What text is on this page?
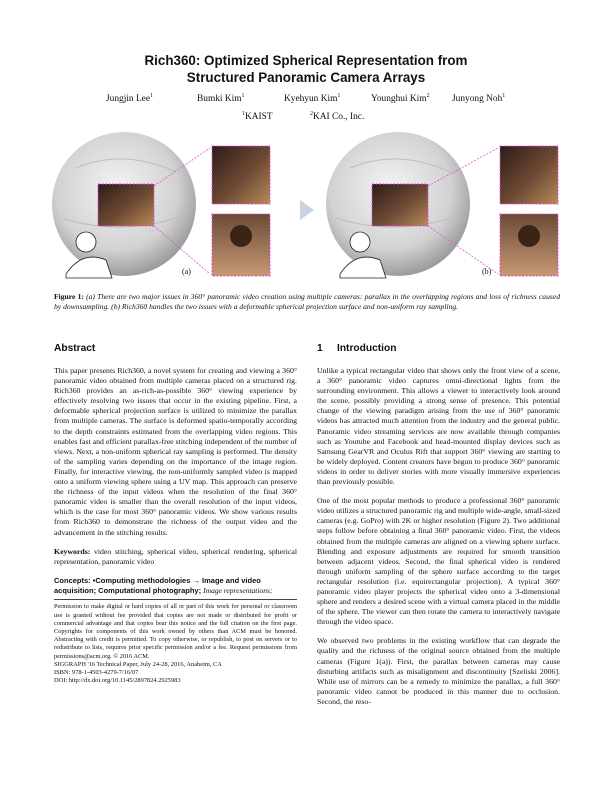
Rich360: Optimized Spherical Representation from
Structured Panoramic Camera Arrays
Jungjin Lee$^1$	Bumki Kim$^1$	Kyehyun Kim$^1$	Younghui Kim$^2$ Junyong Noh$^1$
$^1$KAIST	$^2$KAI Co., Inc.
(a)	(b)
Figure 1: (a) There are two major issues in 360° panoramic video creation using multiple cameras: parallax in the overlapping regions and loss of richness caused by downsampling. (b) Rich360 handles the two issues with a deformable spherical projection surface and non-uniform ray sampling.
Abstract

This paper presents Rich360, a novel system for creating and viewing a 360° panoramic video obtained from multiple cameras placed on a structured rig. Rich360 provides an as-rich-as-possible 360° viewing experience by effectively resolving two issues that occur in the existing pipeline. First, a deformable spherical projection surface is utilized to minimize the parallax from multiple cameras. The surface is deformed spatio-temporally according to the depth constraints estimated from the overlapping video regions. This enables fast and efficient parallax-free stitching independent of the number of views. Next, a non-uniform spherical ray sampling is performed. The density of the sampling varies depending on the importance of the image region. Finally, for interactive viewing, the non-uniformly sampled video is mapped onto a uniform viewing sphere using a UV map. This approach can preserve the richness of the input videos when the resolution of the final 360° panoramic video is smaller than the overall resolution of the input videos, which is the case for most 360° panoramic videos. We show various results from Rich360 to demonstrate the richness of the output video and the advancement in the stitching results.

Keywords: video stitching, spherical video, spherical rendering, spherical representation, panoramic video

Concepts: •Computing methodologies → Image and video acquisition; Computational photography; Image representations;

Permission to make digital or hard copies of all or part of this work for personal or classroom use is granted without fee provided that copies are not made or distributed for profit or commercial advantage and that copies bear this notice and the full citation on the first page. Copyrights for components of this work owned by others than ACM must be honored. Abstracting with credit is permitted. To copy otherwise, or republish, to post on servers or to redistribute to lists, requires prior specific permission and/or a fee. Request permissions from permissions@acm.org. © 2016 ACM.
SIGGRAPH '16 Technical Paper, July 24-28, 2016, Anaheim, CA
ISBN: 978-1-4503-4279-7/16/07
DOI: http://dx.doi.org/10.1145/2897824.2925983
1 Introduction

Unlike a typical rectangular video that shows only the front view of a scene, a 360° panoramic video captures omni-directional lights from the surrounding environment. This allows a viewer to interactively look around the scene, possibly providing a strong sense of presence. This potential change of the viewing paradigm arising from the use of 360° panoramic videos has attracted much attention from the industry and the general public. Panoramic video streaming services are now available through companies such as Youtube and Facebook and head-mounted display devices such as Samsung GearVR and Oculus Rift that support 360° viewing are starting to be widely deployed. Content creators have begun to produce 360° panoramic videos in order to deliver stories with more visually immersive experiences than previously possible.

One of the most popular methods to produce a professional 360° panoramic video utilizes a structured panoramic rig and multiple wide-angle, small-sized cameras (e.g. GoPro) with 2K or higher resolution (Figure 2). Two additional steps follow before obtaining a final 360° panoramic video. First, the videos obtained from the multiple cameras are aligned on a viewing sphere surface. Blending and exposure adjustments are required for smooth transition between adjacent videos. Second, the final spherical video is rendered through uniform sampling of the sphere surface according to the target rectangular resolution (i.e. equirectangular projection). A typical 360° panoramic video player projects the spherical video onto a 3-dimensional sphere and renders a desired scene with a virtual camera placed in the middle of the sphere. The viewer can then rotate the camera to interactively navigate through the video space.

We observed two problems in the existing workflow that can degrade the quality and the richness of the original source obtained from the multiple cameras (Figure 1(a)). First, the parallax between cameras may cause disturbing artifacts such as misalignment and discontinuity [Szeliski 2006]. While use of mirrors can be a remedy to minimize the parallax, a full 360° panoramic video cannot be produced in this manner due to occlusion. Second, the reso-
